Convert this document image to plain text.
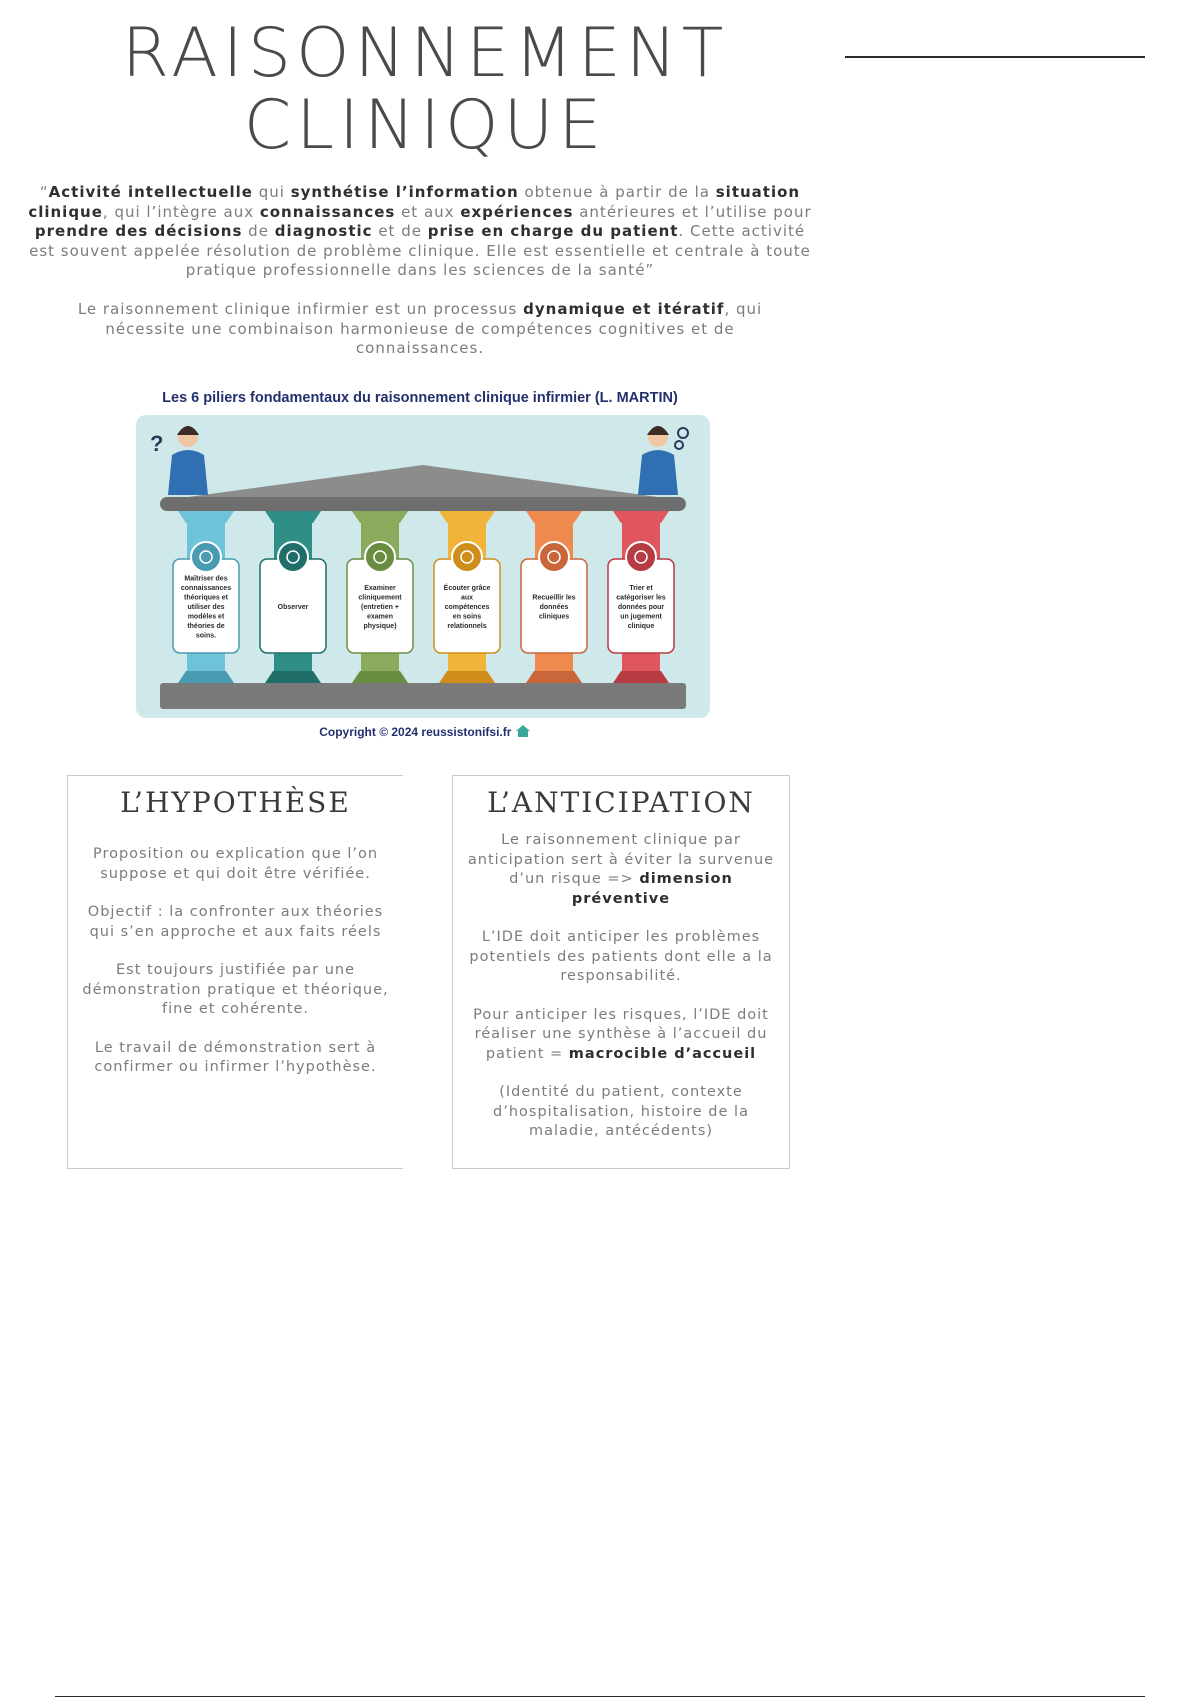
RAISONNEMENT
CLINIQUE
“Activité intellectuelle qui synthétise l’information obtenue à partir de la situation clinique, qui l’intègre aux connaissances et aux expériences antérieures et l’utilise pour prendre des décisions de diagnostic et de prise en charge du patient. Cette activité est souvent appelée résolution de problème clinique. Elle est essentielle et centrale à toute pratique professionnelle dans les sciences de la santé”
Le raisonnement clinique infirmier est un processus dynamique et itératif, qui nécessite une combinaison harmonieuse de compétences cognitives et de connaissances.
Les 6 piliers fondamentaux du raisonnement clinique infirmier (L. MARTIN)
?
Maîtriser des
connaissances
théoriques et
utiliser des
modèles et
théories de
soins.
Observer
Examiner
cliniquement
(entretien +
examen
physique)
Écouter grâce
aux
compétences
en soins
relationnels
Recueillir les
données
cliniques
Trier et
catégoriser les
données pour
un jugement
clinique
Copyright © 2024 reussistonifsi.fr
L’HYPOTHÈSE

Proposition ou explication que l’on suppose et qui doit être vérifiée.

Objectif : la confronter aux théories qui s’en approche et aux faits réels

Est toujours justifiée par une démonstration pratique et théorique, fine et cohérente.

Le travail de démonstration sert à confirmer ou infirmer l’hypothèse.

L’ANTICIPATION

Le raisonnement clinique par anticipation sert à éviter la survenue d’un risque => dimension préventive

L’IDE doit anticiper les problèmes potentiels des patients dont elle a la responsabilité.

Pour anticiper les risques, l’IDE doit réaliser une synthèse à l’accueil du patient = macrocible d’accueil

(Identité du patient, contexte d’hospitalisation, histoire de la maladie, antécédents)
